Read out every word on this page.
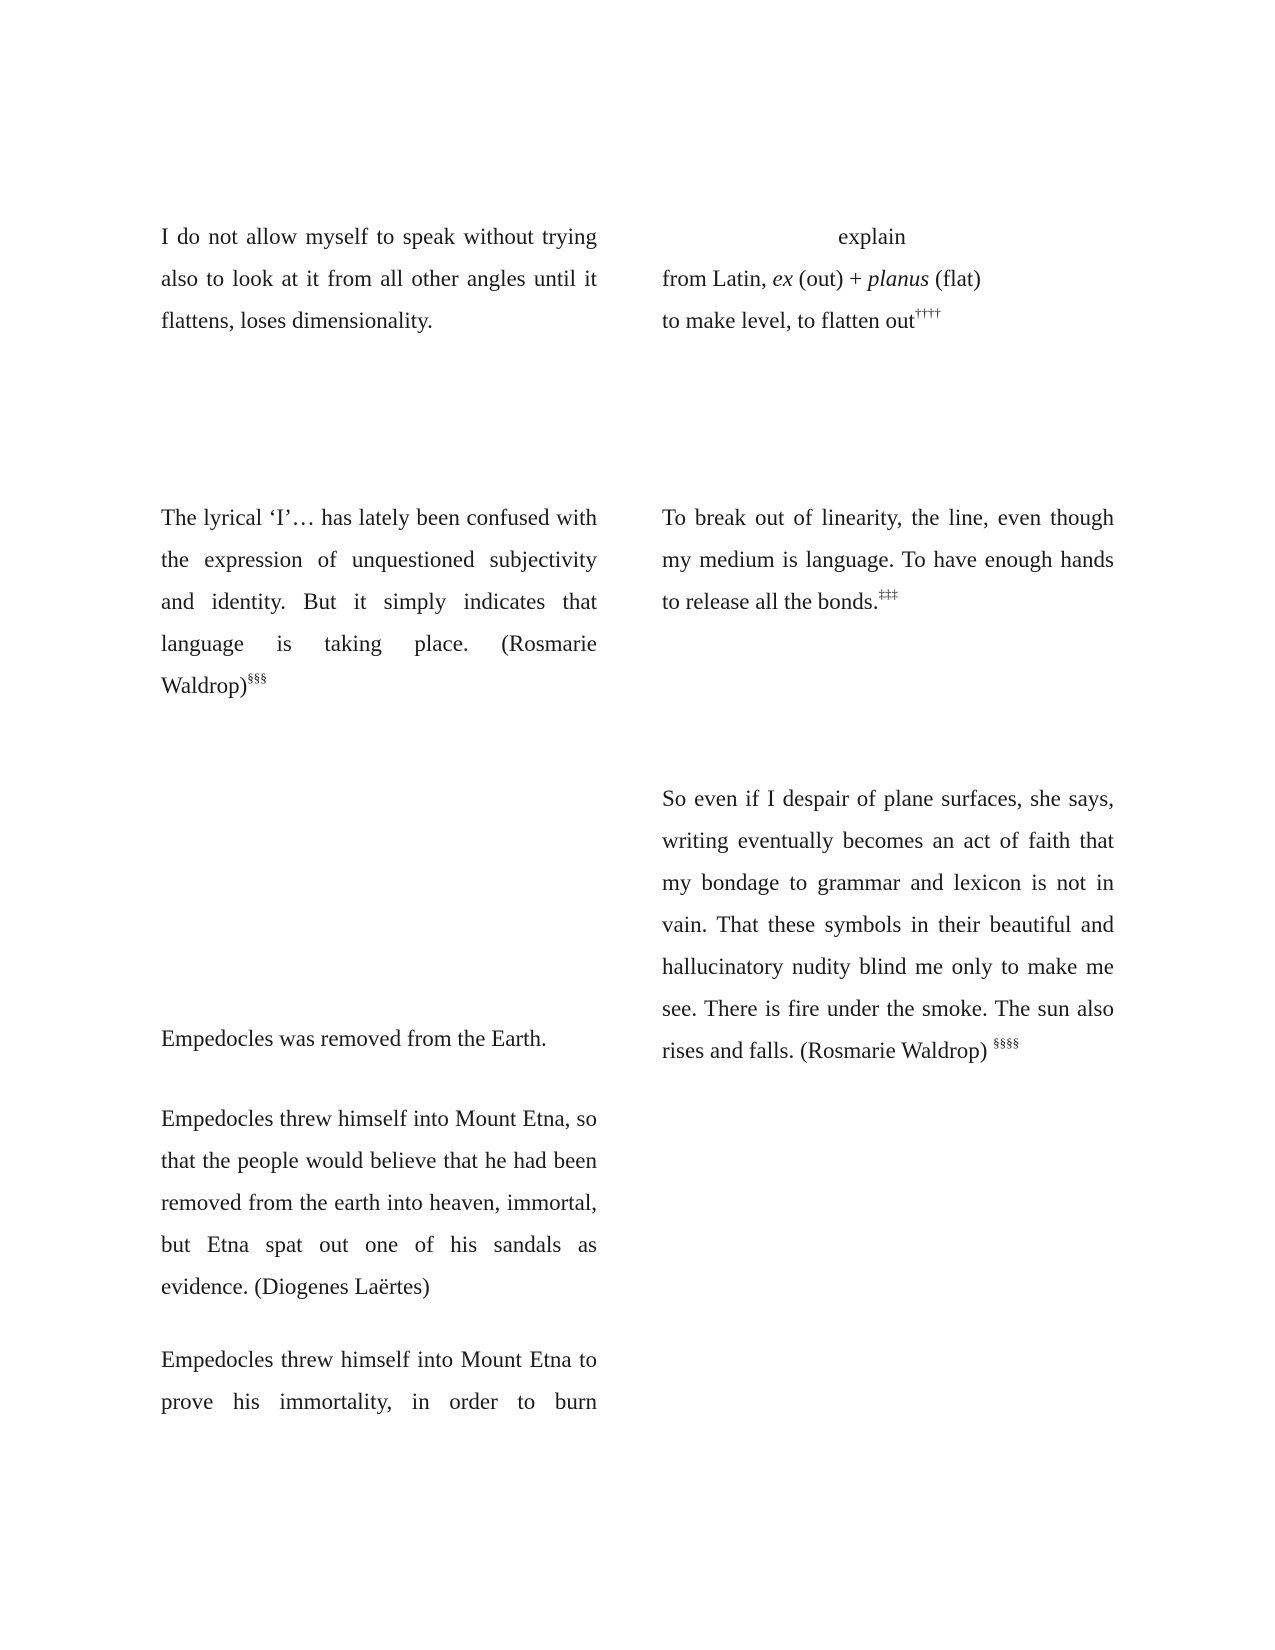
I do not allow myself to speak without trying also to look at it from all other angles until it flattens, loses dimensionality.

The lyrical ‘I’… has lately been confused with the expression of unquestioned subjectivity and identity. But it simply indicates that language is taking place. (Rosmarie Waldrop)§§§

Empedocles was removed from the Earth.

Empedocles threw himself into Mount Etna, so that the people would believe that he had been removed from the earth into heaven, immortal, but Etna spat out one of his sandals as evidence. (Diogenes Laërtes)

Empedocles threw himself into Mount Etna to prove his immortality, in order to burn

explain
from Latin, ex (out) + planus (flat)
to make level, to flatten out††††

To break out of linearity, the line, even though my medium is language. To have enough hands to release all the bonds.‡‡‡

So even if I despair of plane surfaces, she says, writing eventually becomes an act of faith that my bondage to grammar and lexicon is not in vain. That these symbols in their beautiful and hallucinatory nudity blind me only to make me see. There is fire under the smoke. The sun also rises and falls. (Rosmarie Waldrop) §§§§
